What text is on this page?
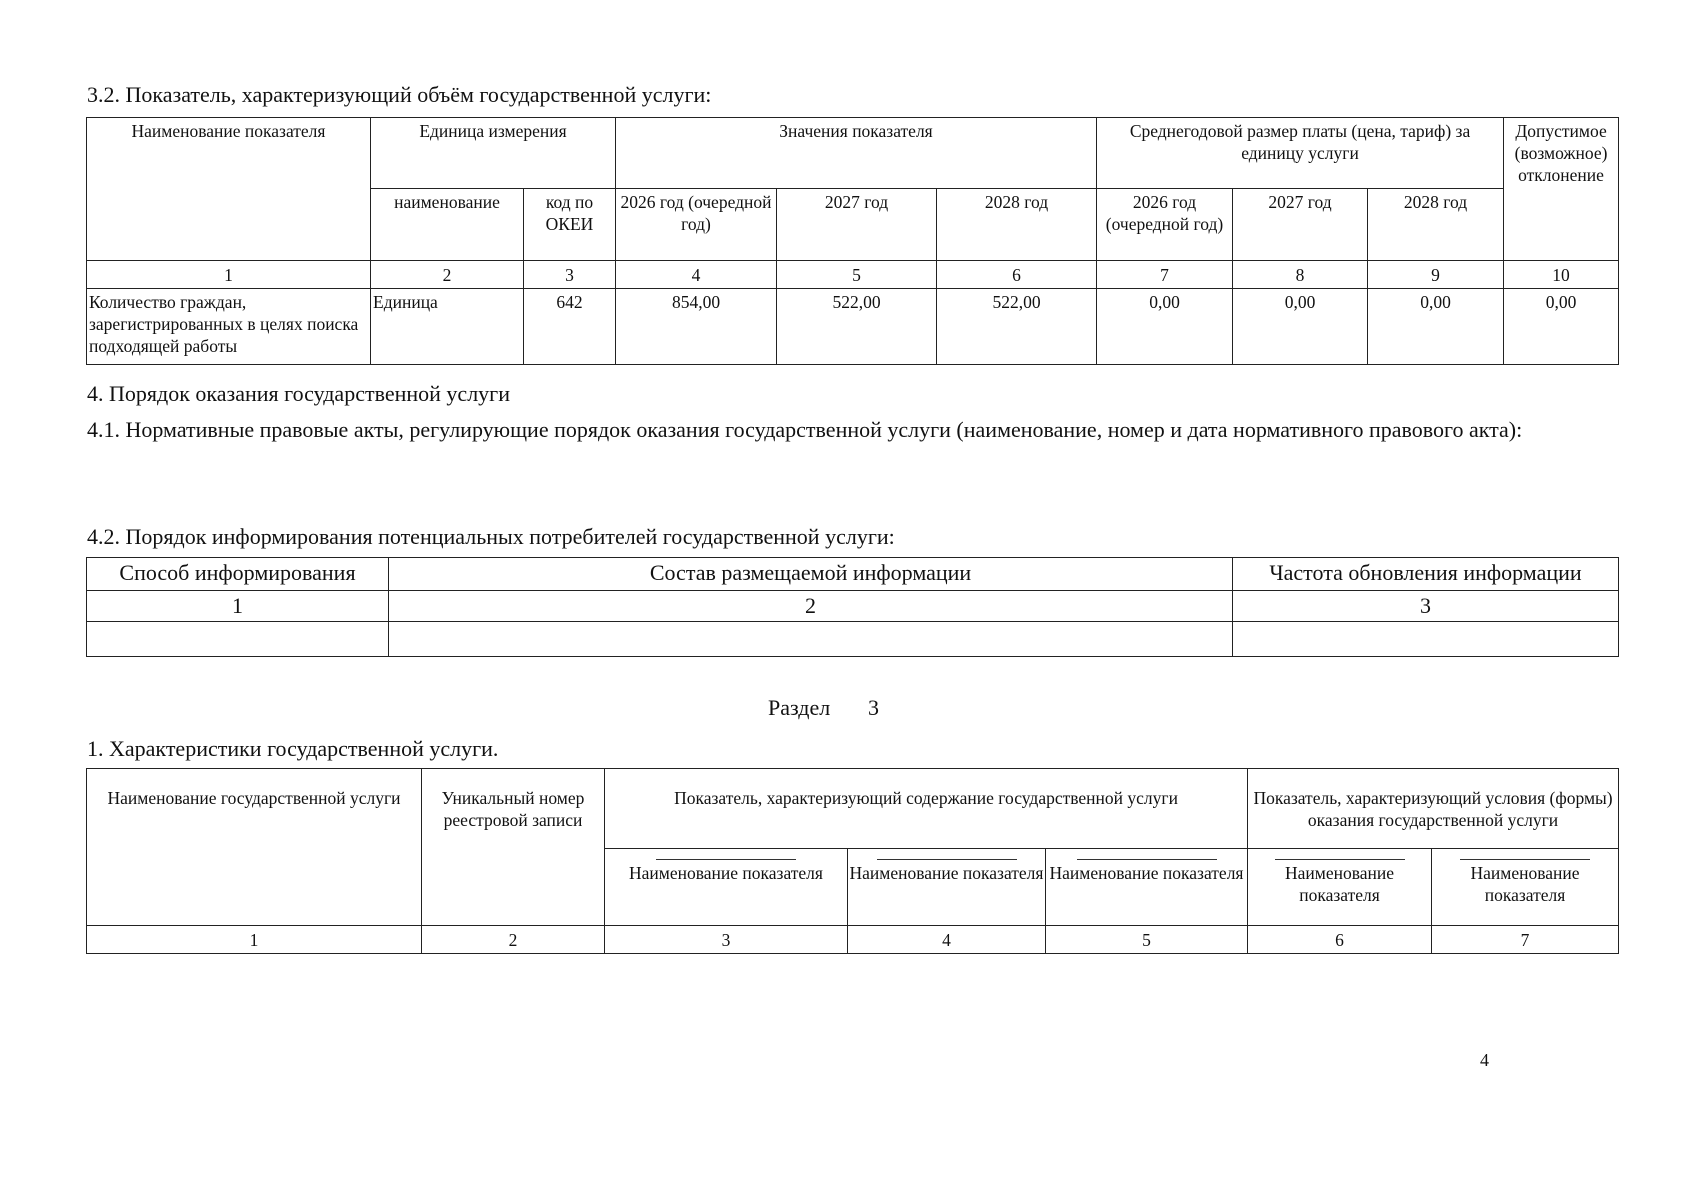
3.2. Показатель, характеризующий объём государственной услуги:
Наименование показателя	Единица измерения		Значения показателя			Среднегодовой размер платы (цена, тариф) за единицу услуги			Допустимое (возможное) отклонение
	наименование	код по ОКЕИ	2026 год (очередной год)	2027 год	2028 год	2026 год (очередной год)	2027 год	2028 год	
1	2	3	4	5	6	7	8	9	10
Количество граждан, зарегистрированных в целях поиска подходящей работы	Единица	642	854,00	522,00	522,00	0,00	0,00	0,00	0,00
4. Порядок оказания государственной услуги
4.1. Нормативные правовые акты, регулирующие порядок оказания государственной услуги (наименование, номер и дата нормативного правового акта):
4.2. Порядок информирования потенциальных потребителей государственной услуги:
Способ информирования	Состав размещаемой информации	Частота обновления информации
1	2	3

Раздел 3
1. Характеристики государственной услуги.
Наименование государственной услуги	Уникальный номер реестровой записи	Показатель, характеризующий содержание государственной услуги			Показатель, характеризующий условия (формы) оказания государственной услуги	

Наименование показателя	Наименование показателя	Наименование показателя	Наименование показателя	Наименование показателя
1	2	3	4	5	6	7
4
